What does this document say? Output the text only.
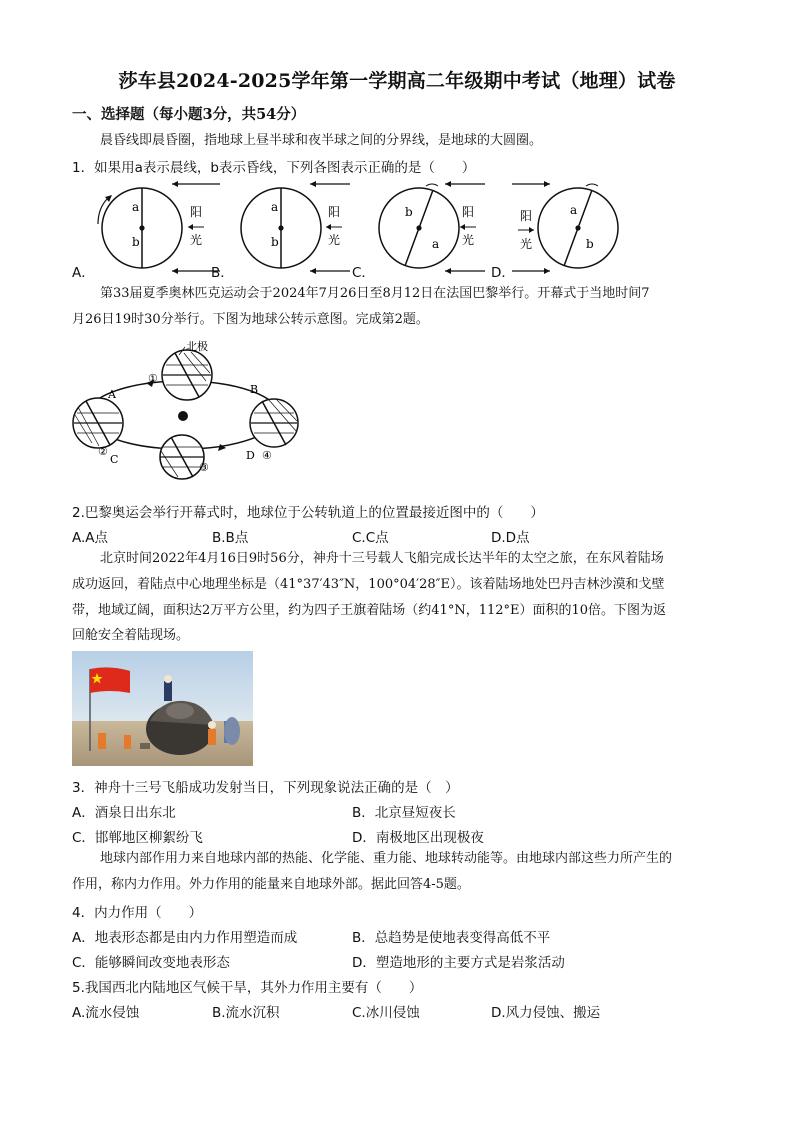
莎车县2024-2025学年第一学期高二年级期中考试（地理）试卷
一、选择题（每小题3分，共54分）
晨昏线即晨昏圈，指地球上昼半球和夜半球之间的分界线，是地球的大圆圈。
1．如果用a表示晨线，b表示昏线，下列各图表示正确的是（　　）
a
b
阳
光
a
b
阳
光
b
a
阳
光
a
b
阳
光
A．	B．	C．	D．
第33届夏季奥林匹克运动会于2024年7月26日至8月12日在法国巴黎举行。开幕式于当地时间7
月26日19时30分举行。下图为地球公转示意图。完成第2题。
北极
A	B
C	D
①
②
③
④
2.巴黎奥运会举行开幕式时，地球位于公转轨道上的位置最接近图中的（　　）
A.A点	B.B点	C.C点	D.D点
北京时间2022年4月16日9时56分，神舟十三号载人飞船完成长达半年的太空之旅，在东风着陆场
成功返回，着陆点中心地理坐标是（41°37′43″N，100°04′28″E）。该着陆场地处巴丹吉林沙漠和戈壁
带，地域辽阔，面积达2万平方公里，约为四子王旗着陆场（约41°N，112°E）面积的10倍。下图为返
回舱安全着陆现场。
3．神舟十三号飞船成功发射当日，下列现象说法正确的是（　）
A．酒泉日出东北	B．北京昼短夜长
C．邯郸地区柳絮纷飞	D．南极地区出现极夜
地球内部作用力来自地球内部的热能、化学能、重力能、地球转动能等。由地球内部这些力所产生的
作用，称内力作用。外力作用的能量来自地球外部。据此回答4-5题。
4．内力作用（　　）
A．地表形态都是由内力作用塑造而成	B．总趋势是使地表变得高低不平
C．能够瞬间改变地表形态	D．塑造地形的主要方式是岩浆活动
5.我国西北内陆地区气候干旱，其外力作用主要有（　　）
A.流水侵蚀	B.流水沉积	C.冰川侵蚀	D.风力侵蚀、搬运
